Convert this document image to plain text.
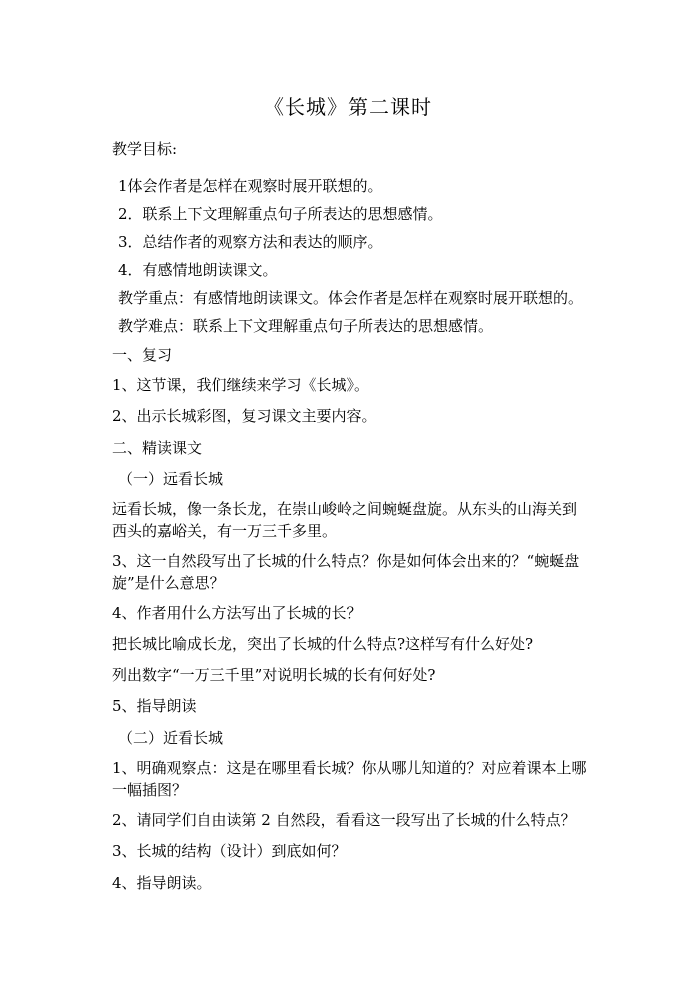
《长城》第二课时
教学目标:
1体会作者是怎样在观察时展开联想的。
2．联系上下文理解重点句子所表达的思想感情。
3．总结作者的观察方法和表达的顺序。
4．有感情地朗读课文。
教学重点：有感情地朗读课文。体会作者是怎样在观察时展开联想的。
教学难点：联系上下文理解重点句子所表达的思想感情。
一、复习
1、这节课，我们继续来学习《长城》。
2、出示长城彩图，复习课文主要内容。
二、精读课文
（一）远看长城
远看长城，像一条长龙，在崇山峻岭之间蜿蜒盘旋。从东头的山海关到
西头的嘉峪关，有一万三千多里。
3、这一自然段写出了长城的什么特点？你是如何体会出来的？“蜿蜒盘
旋”是什么意思？
4、作者用什么方法写出了长城的长？
把长城比喻成长龙，突出了长城的什么特点?这样写有什么好处?
列出数字“一万三千里”对说明长城的长有何好处?
5、指导朗读
（二）近看长城
1、明确观察点：这是在哪里看长城？你从哪儿知道的？对应着课本上哪
一幅插图？
2、请同学们自由读第 2 自然段，看看这一段写出了长城的什么特点？
3、长城的结构（设计）到底如何？
4、指导朗读。
